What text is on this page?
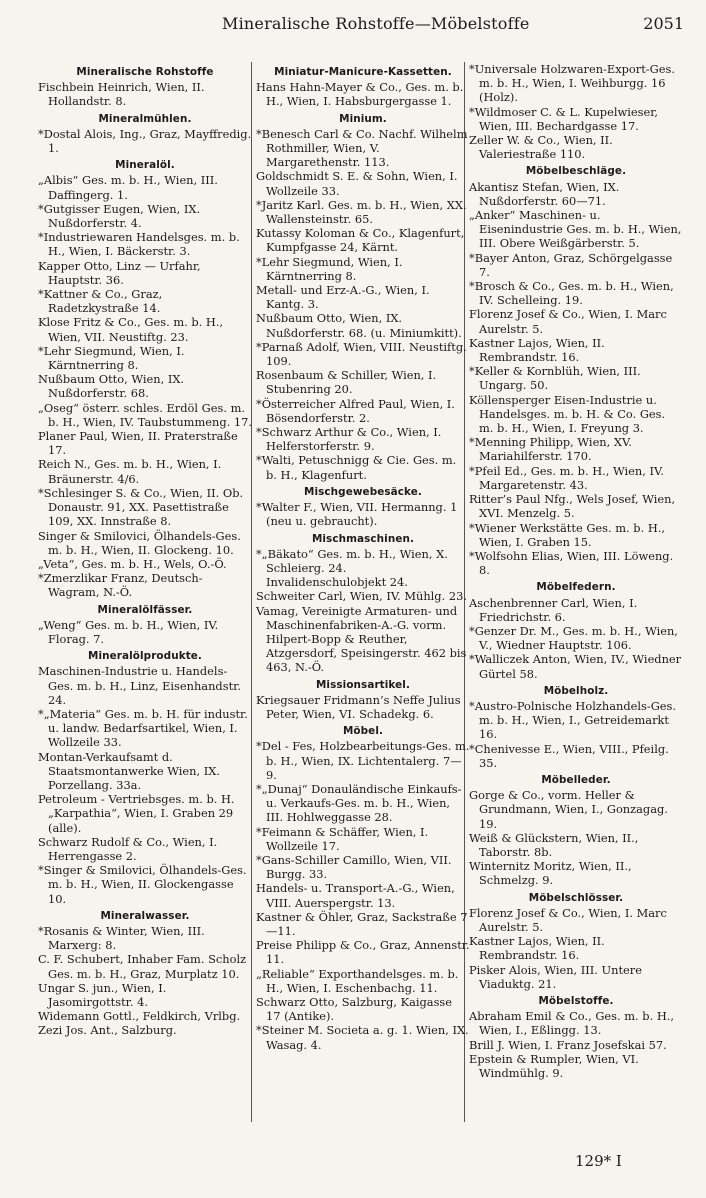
Mineralische Rohstoffe—Möbelstoffe	2051
Mineralische Rohstoffe
Fischbein Heinrich, Wien, II. Hollandstr. 8.
Mineralmühlen.
*Dostal Alois, Ing., Graz, Mayffredig. 1.
Mineralöl.
„Albis“ Ges. m. b. H., Wien, III. Daffingerg. 1.
*Gutgisser Eugen, Wien, IX. Nußdorferstr. 4.
*Industriewaren Handelsges. m. b. H., Wien, I. Bäckerstr. 3.
Kapper Otto, Linz — Urfahr, Hauptstr. 36.
*Kattner & Co., Graz, Radetzkystraße 14.
Klose Fritz & Co., Ges. m. b. H., Wien, VII. Neustiftg. 23.
*Lehr Siegmund, Wien, I. Kärntnerring 8.
Nußbaum Otto, Wien, IX. Nußdorferstr. 68.
„Oseg“ österr. schles. Erdöl Ges. m. b. H., Wien, IV. Taubstummeng. 17.
Planer Paul, Wien, II. Praterstraße 17.
Reich N., Ges. m. b. H., Wien, I. Bräunerstr. 4/6.
*Schlesinger S. & Co., Wien, II. Ob. Donaustr. 91, XX. Pasettistraße 109, XX. Innstraße 8.
Singer & Smilovici, Ölhandels-Ges. m. b. H., Wien, II. Glockeng. 10.
„Veta“, Ges. m. b. H., Wels, O.-Ö.
*Zmerzlikar Franz, Deutsch-Wagram, N.-Ö.
Mineralölfässer.
„Weng“ Ges. m. b. H., Wien, IV. Florag. 7.
Mineralölprodukte.
Maschinen-Industrie u. Handels-Ges. m. b. H., Linz, Eisenhandstr. 24.
*„Materia“ Ges. m. b. H. für industr. u. landw. Bedarfsartikel, Wien, I. Wollzeile 33.
Montan-Verkaufsamt d. Staatsmontanwerke Wien, IX. Porzellang. 33a.
Petroleum - Vertriebsges. m. b. H. „Karpathia“, Wien, I. Graben 29 (alle).
Schwarz Rudolf & Co., Wien, I. Herrengasse 2.
*Singer & Smilovici, Ölhandels-Ges. m. b. H., Wien, II. Glockengasse 10.
Mineralwasser.
*Rosanis & Winter, Wien, III. Marxerg: 8.
C. F. Schubert, Inhaber Fam. Scholz Ges. m. b. H., Graz, Murplatz 10.
Ungar S. jun., Wien, I. Jasomirgottstr. 4.
Widemann Gottl., Feldkirch, Vrlbg.
Zezi Jos. Ant., Salzburg.
Miniatur-Manicure-Kassetten.
Hans Hahn-Mayer & Co., Ges. m. b. H., Wien, I. Habsburgergasse 1.
Minium.
*Benesch Carl & Co. Nachf. Wilhelm Rothmiller, Wien, V. Margarethenstr. 113.
Goldschmidt S. E. & Sohn, Wien, I. Wollzeile 33.
*Jaritz Karl. Ges. m. b. H., Wien, XX. Wallensteinstr. 65.
Kutassy Koloman & Co., Klagenfurt, Kumpfgasse 24, Kärnt.
*Lehr Siegmund, Wien, I. Kärntnerring 8.
Metall- und Erz-A.-G., Wien, I. Kantg. 3.
Nußbaum Otto, Wien, IX. Nußdorferstr. 68. (u. Miniumkitt).
*Parnaß Adolf, Wien, VIII. Neustiftg. 109.
Rosenbaum & Schiller, Wien, I. Stubenring 20.
*Österreicher Alfred Paul, Wien, I. Bösendorferstr. 2.
*Schwarz Arthur & Co., Wien, I. Helferstorferstr. 9.
*Walti, Petuschnigg & Cie. Ges. m. b. H., Klagenfurt.
Mischgewebesäcke.
*Walter F., Wien, VII. Hermanng. 1 (neu u. gebraucht).
Mischmaschinen.
*„Bäkato“ Ges. m. b. H., Wien, X. Schleierg. 24. Invalidenschulobjekt 24.
Schweiter Carl, Wien, IV. Mühlg. 23.
Vamag, Vereinigte Armaturen- und Maschinenfabriken-A.-G. vorm. Hilpert-Bopp & Reuther, Atzgersdorf, Speisingerstr. 462 bis 463, N.-Ö.
Missionsartikel.
Kriegsauer Fridmann’s Neffe Julius Peter, Wien, VI. Schadekg. 6.
Möbel.
*Del - Fes, Holzbearbeitungs-Ges. m. b. H., Wien, IX. Lichtentalerg. 7—9.
*„Dunaj“ Donauländische Einkaufs- u. Verkaufs-Ges. m. b. H., Wien, III. Hohlweggasse 28.
*Feimann & Schäffer, Wien, I. Wollzeile 17.
*Gans-Schiller Camillo, Wien, VII. Burgg. 33.
Handels- u. Transport-A.-G., Wien, VIII. Auerspergstr. 13.
Kastner & Öhler, Graz, Sackstraße 7—11.
Preise Philipp & Co., Graz, Annenstr. 11.
„Reliable“ Exporthandelsges. m. b. H., Wien, I. Eschenbachg. 11.
Schwarz Otto, Salzburg, Kaigasse 17 (Antike).
*Steiner M. Societa a. g. 1. Wien, IX. Wasag. 4.
*Universale Holzwaren-Export-Ges. m. b. H., Wien, I. Weihburgg. 16 (Holz).
*Wildmoser C. & L. Kupelwieser, Wien, III. Bechardgasse 17.
Zeller W. & Co., Wien, II. Valeriestraße 110.
Möbelbeschläge.
Akantisz Stefan, Wien, IX. Nußdorferstr. 60—71.
„Anker“ Maschinen- u. Eisenindustrie Ges. m. b. H., Wien, III. Obere Weißgärberstr. 5.
*Bayer Anton, Graz, Schörgelgasse 7.
*Brosch & Co., Ges. m. b. H., Wien, IV. Schelleing. 19.
Florenz Josef & Co., Wien, I. Marc Aurelstr. 5.
Kastner Lajos, Wien, II. Rembrandstr. 16.
*Keller & Kornblüh, Wien, III. Ungarg. 50.
Köllensperger Eisen-Industrie u. Handelsges. m. b. H. & Co. Ges. m. b. H., Wien, I. Freyung 3.
*Menning Philipp, Wien, XV. Mariahilferstr. 170.
*Pfeil Ed., Ges. m. b. H., Wien, IV. Margaretenstr. 43.
Ritter’s Paul Nfg., Wels Josef, Wien, XVI. Menzelg. 5.
*Wiener Werkstätte Ges. m. b. H., Wien, I. Graben 15.
*Wolfsohn Elias, Wien, III. Löweng. 8.
Möbelfedern.
Aschenbrenner Carl, Wien, I. Friedrichstr. 6.
*Genzer Dr. M., Ges. m. b. H., Wien, V., Wiedner Hauptstr. 106.
*Walliczek Anton, Wien, IV., Wiedner Gürtel 58.
Möbelholz.
*Austro-Polnische Holzhandels-Ges. m. b. H., Wien, I., Getreidemarkt 16.
*Chenivesse E., Wien, VIII., Pfeilg. 35.
Möbelleder.
Gorge & Co., vorm. Heller & Grundmann, Wien, I., Gonzagag. 19.
Weiß & Glückstern, Wien, II., Taborstr. 8b.
Winternitz Moritz, Wien, II., Schmelzg. 9.
Möbelschlösser.
Florenz Josef & Co., Wien, I. Marc Aurelstr. 5.
Kastner Lajos, Wien, II. Rembrandstr. 16.
Pisker Alois, Wien, III. Untere Viaduktg. 21.
Möbelstoffe.
Abraham Emil & Co., Ges. m. b. H., Wien, I., Eßlingg. 13.
Brill J. Wien, I. Franz Josefskai 57.
Epstein & Rumpler, Wien, VI. Windmühlg. 9.
129* I
